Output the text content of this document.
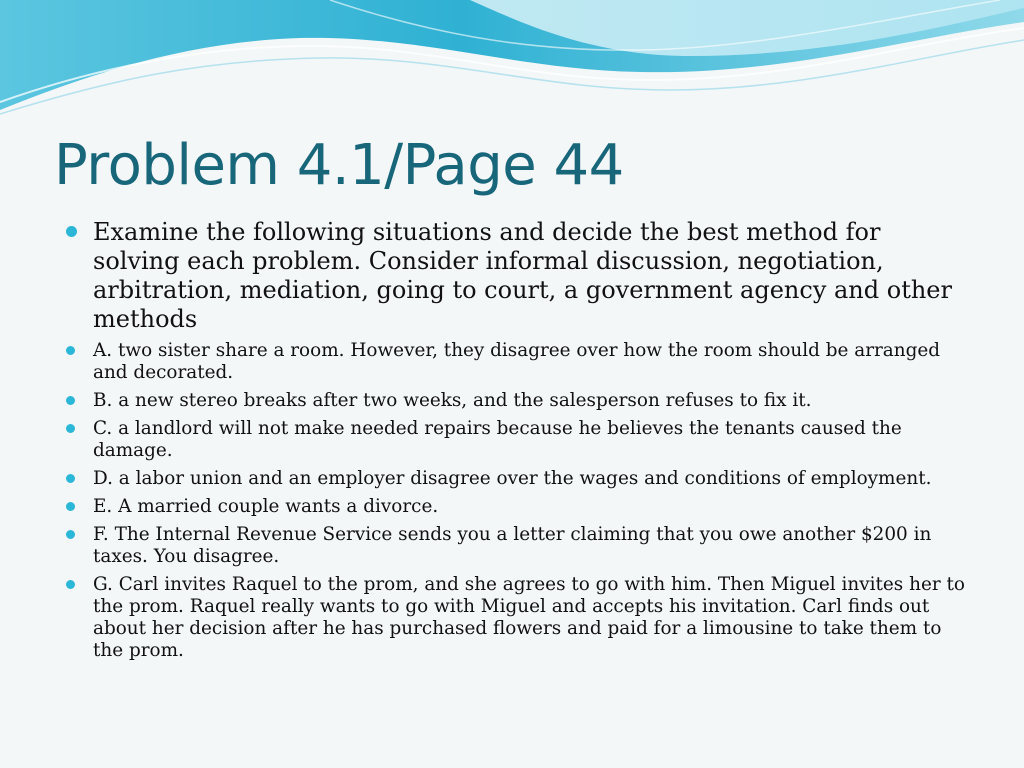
Problem 4.1/Page 44
Examine the following situations and decide the best method for solving each problem. Consider informal discussion, negotiation, arbitration, mediation, going to court, a government agency and other methods
A. two sister share a room. However, they disagree over how the room should be arranged and decorated.
B. a new stereo breaks after two weeks, and the salesperson refuses to fix it.
C. a landlord will not make needed repairs because he believes the tenants caused the damage.
D. a labor union and an employer disagree over the wages and conditions of employment.
E. A married couple wants a divorce.
F. The Internal Revenue Service sends you a letter claiming that you owe another $200 in taxes. You disagree.
G. Carl invites Raquel to the prom, and she agrees to go with him. Then Miguel invites her to the prom. Raquel really wants to go with Miguel and accepts his invitation. Carl finds out about her decision after he has purchased flowers and paid for a limousine to take them to the prom.
